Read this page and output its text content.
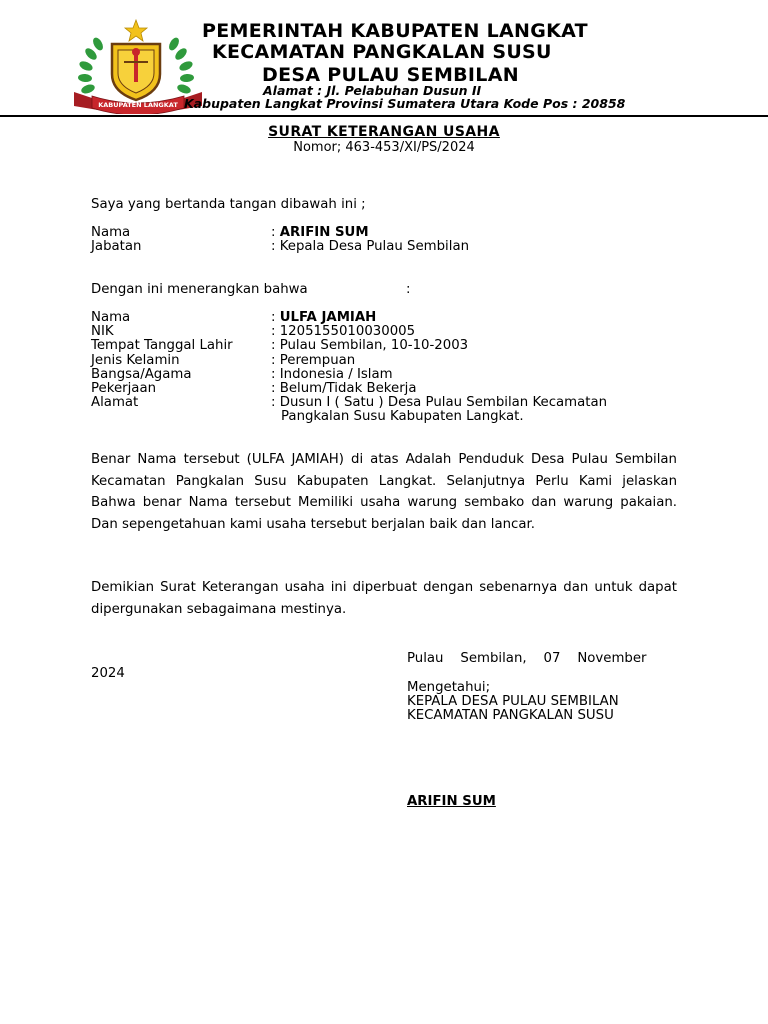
KABUPATEN LANGKAT
PEMERINTAH KABUPATEN LANGKAT
KECAMATAN PANGKALAN SUSU
DESA PULAU SEMBILAN
Alamat : Jl. Pelabuhan Dusun II
Kabupaten Langkat Provinsi Sumatera Utara Kode Pos : 20858
SURAT KETERANGAN USAHA
Nomor; 463-453/XI/PS/2024
Saya yang bertanda tangan dibawah ini ;
Nama	: ARIFIN SUM
Jabatan	: Kepala Desa Pulau Sembilan
Dengan ini menerangkan bahwa	:
Nama	: ULFA JAMIAH
NIK	: 1205155010030005
Tempat Tanggal Lahir	: Pulau Sembilan, 10-10-2003
Jenis Kelamin	: Perempuan
Bangsa/Agama	: Indonesia / Islam
Pekerjaan	: Belum/Tidak Bekerja
Alamat	: Dusun I ( Satu ) Desa Pulau Sembilan Kecamatan
Pangkalan Susu Kabupaten Langkat.
Benar Nama tersebut (ULFA JAMIAH) di atas Adalah Penduduk Desa Pulau Sembilan Kecamatan Pangkalan Susu Kabupaten Langkat. Selanjutnya Perlu Kami jelaskan Bahwa benar Nama tersebut Memiliki usaha warung sembako dan warung pakaian. Dan sepengetahuan kami usaha tersebut berjalan baik dan lancar.
Demikian Surat Keterangan usaha ini diperbuat dengan sebenarnya dan untuk dapat dipergunakan sebagaimana mestinya.
Pulau    Sembilan,    07    November
2024
Mengetahui;
KEPALA DESA PULAU SEMBILAN
KECAMATAN PANGKALAN SUSU
ARIFIN SUM
